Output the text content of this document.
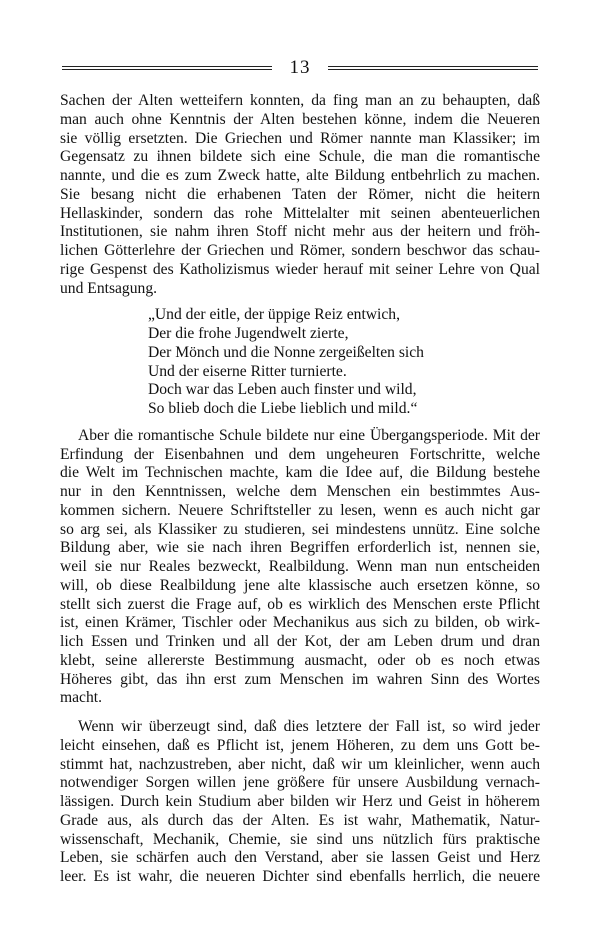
13
Sachen der Alten wetteifern konnten, da fing man an zu behaupten, daß
man auch ohne Kenntnis der Alten bestehen könne, indem die Neueren
sie völlig ersetzten. Die Griechen und Römer nannte man Klassiker; im
Gegensatz zu ihnen bildete sich eine Schule, die man die romantische
nannte, und die es zum Zweck hatte, alte Bildung entbehrlich zu machen.
Sie besang nicht die erhabenen Taten der Römer, nicht die heitern
Hellaskinder, sondern das rohe Mittelalter mit seinen abenteuerlichen
Institutionen, sie nahm ihren Stoff nicht mehr aus der heitern und fröh-
lichen Götterlehre der Griechen und Römer, sondern beschwor das schau-
rige Gespenst des Katholizismus wieder herauf mit seiner Lehre von Qual
und Entsagung.
„Und der eitle, der üppige Reiz entwich,
Der die frohe Jugendwelt zierte,
Der Mönch und die Nonne zergeißelten sich
Und der eiserne Ritter turnierte.
Doch war das Leben auch finster und wild,
So blieb doch die Liebe lieblich und mild.“
Aber die romantische Schule bildete nur eine Übergangsperiode. Mit der
Erfindung der Eisenbahnen und dem ungeheuren Fortschritte, welche
die Welt im Technischen machte, kam die Idee auf, die Bildung bestehe
nur in den Kenntnissen, welche dem Menschen ein bestimmtes Aus-
kommen sichern. Neuere Schriftsteller zu lesen, wenn es auch nicht gar
so arg sei, als Klassiker zu studieren, sei mindestens unnütz. Eine solche
Bildung aber, wie sie nach ihren Begriffen erforderlich ist, nennen sie,
weil sie nur Reales bezweckt, Realbildung. Wenn man nun entscheiden
will, ob diese Realbildung jene alte klassische auch ersetzen könne, so
stellt sich zuerst die Frage auf, ob es wirklich des Menschen erste Pflicht
ist, einen Krämer, Tischler oder Mechanikus aus sich zu bilden, ob wirk-
lich Essen und Trinken und all der Kot, der am Leben drum und dran
klebt, seine allererste Bestimmung ausmacht, oder ob es noch etwas
Höheres gibt, das ihn erst zum Menschen im wahren Sinn des Wortes
macht.
Wenn wir überzeugt sind, daß dies letztere der Fall ist, so wird jeder
leicht einsehen, daß es Pflicht ist, jenem Höheren, zu dem uns Gott be-
stimmt hat, nachzustreben, aber nicht, daß wir um kleinlicher, wenn auch
notwendiger Sorgen willen jene größere für unsere Ausbildung vernach-
lässigen. Durch kein Studium aber bilden wir Herz und Geist in höherem
Grade aus, als durch das der Alten. Es ist wahr, Mathematik, Natur-
wissenschaft, Mechanik, Chemie, sie sind uns nützlich fürs praktische
Leben, sie schärfen auch den Verstand, aber sie lassen Geist und Herz
leer. Es ist wahr, die neueren Dichter sind ebenfalls herrlich, die neuere
